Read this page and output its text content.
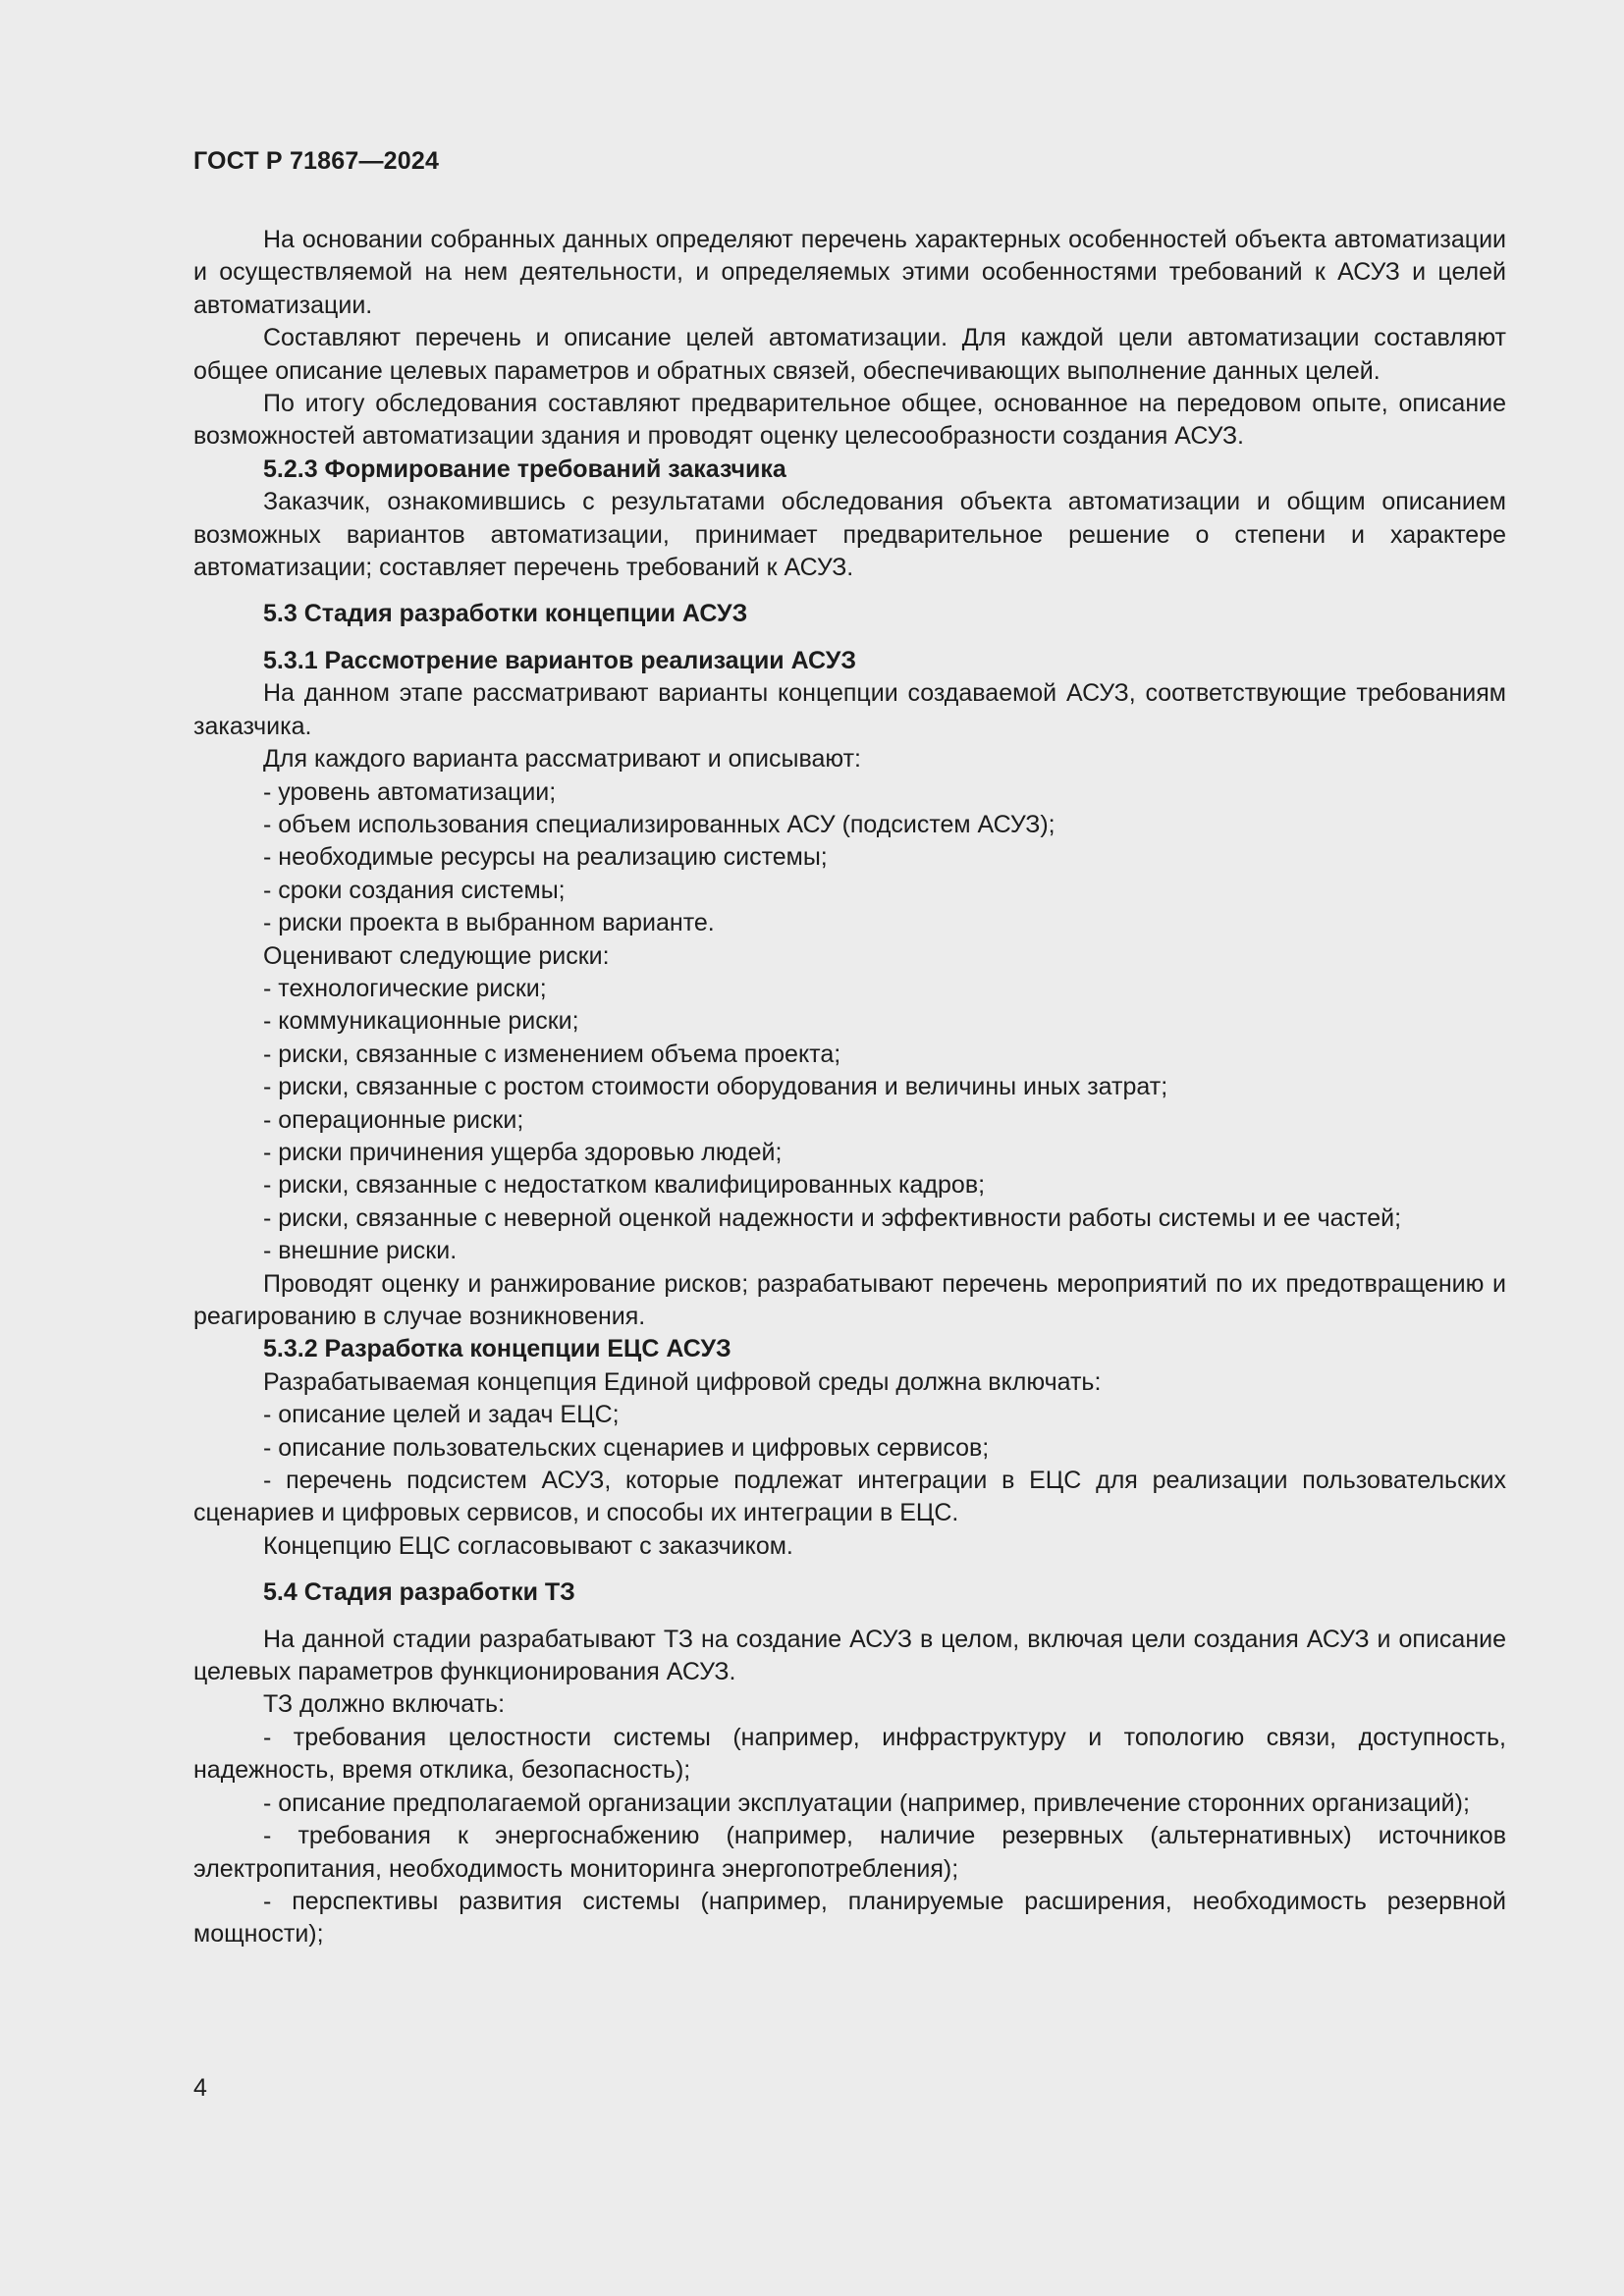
ГОСТ Р 71867—2024

На основании собранных данных определяют перечень характерных особенностей объекта автоматизации и осуществляемой на нем деятельности, и определяемых этими особенностями требований к АСУЗ и целей автоматизации.

Составляют перечень и описание целей автоматизации. Для каждой цели автоматизации составляют общее описание целевых параметров и обратных связей, обеспечивающих выполнение данных целей.

По итогу обследования составляют предварительное общее, основанное на передовом опыте, описание возможностей автоматизации здания и проводят оценку целесообразности создания АСУЗ.

5.2.3 Формирование требований заказчика

Заказчик, ознакомившись с результатами обследования объекта автоматизации и общим описанием возможных вариантов автоматизации, принимает предварительное решение о степени и характере автоматизации; составляет перечень требований к АСУЗ.

5.3 Стадия разработки концепции АСУЗ

5.3.1 Рассмотрение вариантов реализации АСУЗ

На данном этапе рассматривают варианты концепции создаваемой АСУЗ, соответствующие требованиям заказчика.

Для каждого варианта рассматривают и описывают:

- уровень автоматизации;

- объем использования специализированных АСУ (подсистем АСУЗ);

- необходимые ресурсы на реализацию системы;

- сроки создания системы;

- риски проекта в выбранном варианте.

Оценивают следующие риски:

- технологические риски;

- коммуникационные риски;

- риски, связанные с изменением объема проекта;

- риски, связанные с ростом стоимости оборудования и величины иных затрат;

- операционные риски;

- риски причинения ущерба здоровью людей;

- риски, связанные с недостатком квалифицированных кадров;

- риски, связанные с неверной оценкой надежности и эффективности работы системы и ее частей;

- внешние риски.

Проводят оценку и ранжирование рисков; разрабатывают перечень мероприятий по их предотвращению и реагированию в случае возникновения.

5.3.2 Разработка концепции ЕЦС АСУЗ

Разрабатываемая концепция Единой цифровой среды должна включать:

- описание целей и задач ЕЦС;

- описание пользовательских сценариев и цифровых сервисов;

- перечень подсистем АСУЗ, которые подлежат интеграции в ЕЦС для реализации пользовательских сценариев и цифровых сервисов, и способы их интеграции в ЕЦС.

Концепцию ЕЦС согласовывают с заказчиком.

5.4 Стадия разработки ТЗ

На данной стадии разрабатывают ТЗ на создание АСУЗ в целом, включая цели создания АСУЗ и описание целевых параметров функционирования АСУЗ.

ТЗ должно включать:

- требования целостности системы (например, инфраструктуру и топологию связи, доступность, надежность, время отклика, безопасность);

- описание предполагаемой организации эксплуатации (например, привлечение сторонних организаций);

- требования к энергоснабжению (например, наличие резервных (альтернативных) источников электропитания, необходимость мониторинга энергопотребления);

- перспективы развития системы (например, планируемые расширения, необходимость резервной мощности);

4
